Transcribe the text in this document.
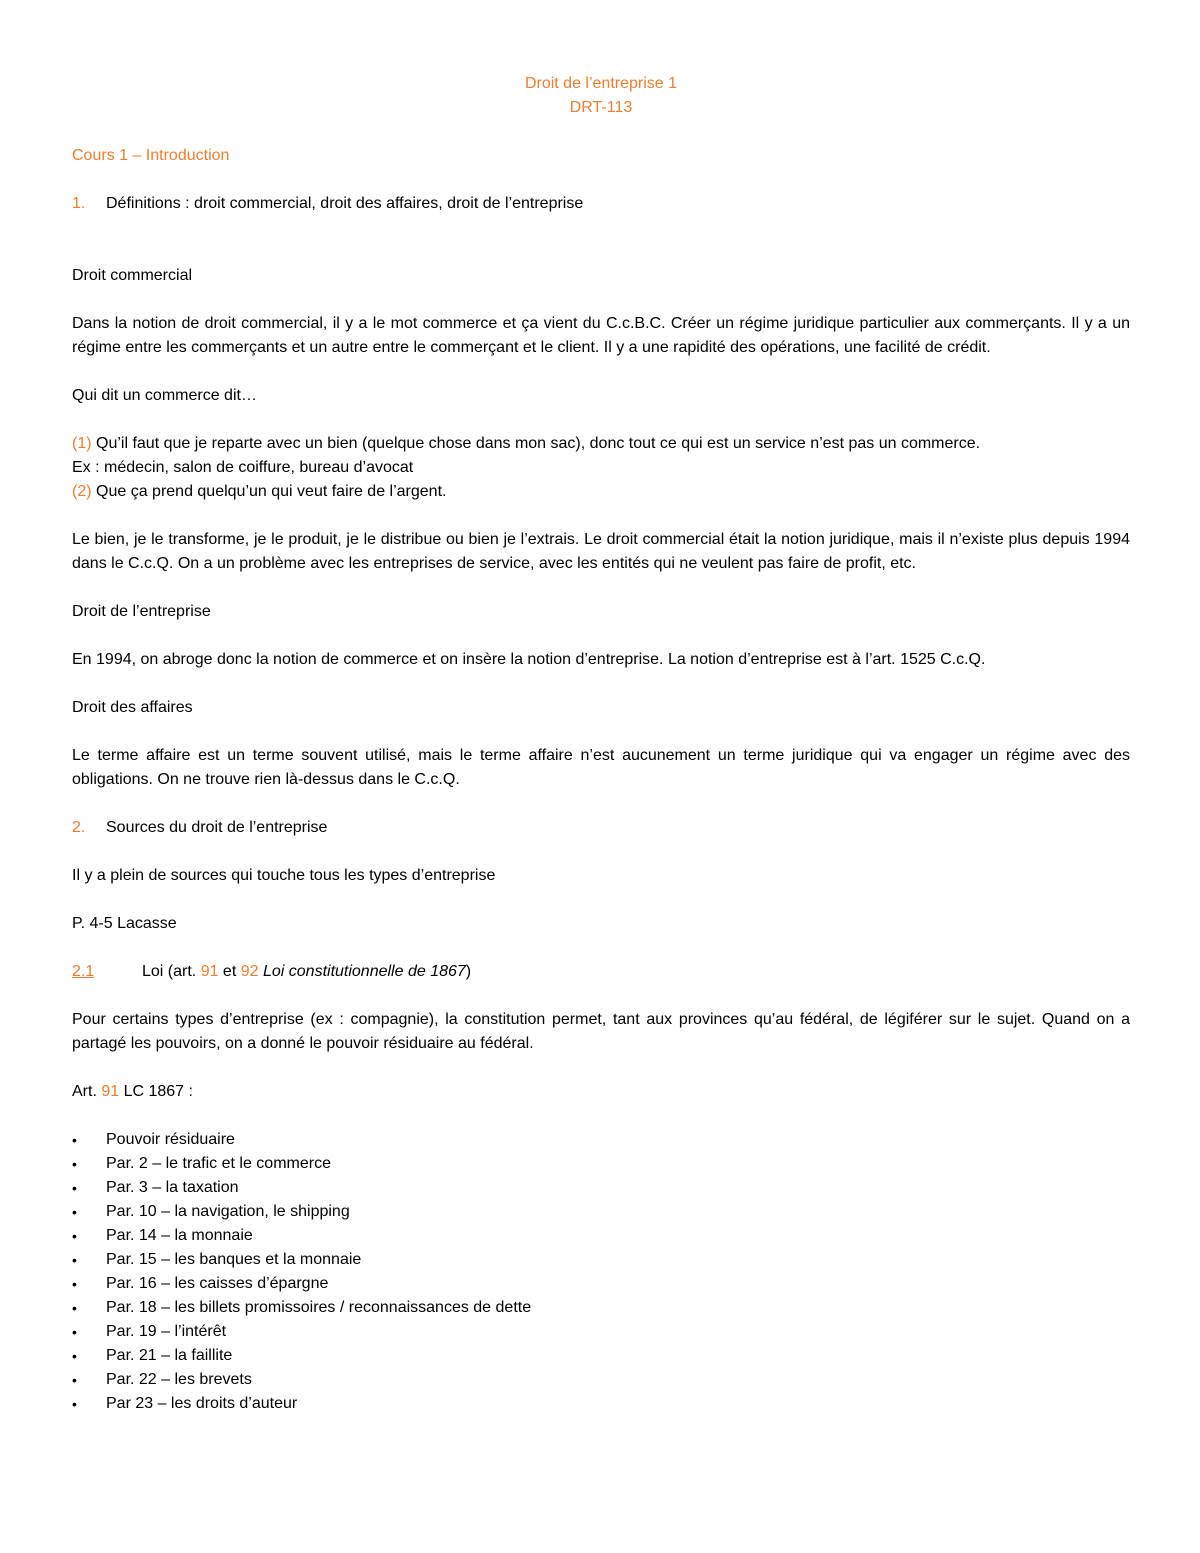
Droit de l’entreprise 1
DRT-113

Cours 1 – Introduction

1.	Définitions : droit commercial, droit des affaires, droit de l’entreprise

Droit commercial

Dans la notion de droit commercial, il y a le mot commerce et ça vient du C.c.B.C. Créer un régime juridique particulier aux commerçants. Il y a un régime entre les commerçants et un autre entre le commerçant et le client. Il y a une rapidité des opérations, une facilité de crédit.

Qui dit un commerce dit…

(1) Qu’il faut que je reparte avec un bien (quelque chose dans mon sac), donc tout ce qui est un service n’est pas un commerce.

Ex : médecin, salon de coiffure, bureau d’avocat

(2) Que ça prend quelqu’un qui veut faire de l’argent.

Le bien, je le transforme, je le produit, je le distribue ou bien je l’extrais. Le droit commercial était la notion juridique, mais il n’existe plus depuis 1994 dans le C.c.Q. On a un problème avec les entreprises de service, avec les entités qui ne veulent pas faire de profit, etc.

Droit de l’entreprise

En 1994, on abroge donc la notion de commerce et on insère la notion d’entreprise. La notion d’entreprise est à l’art. 1525 C.c.Q.

Droit des affaires

Le terme affaire est un terme souvent utilisé, mais le terme affaire n’est aucunement un terme juridique qui va engager un régime avec des obligations. On ne trouve rien là-dessus dans le C.c.Q.

2.	Sources du droit de l’entreprise

Il y a plein de sources qui touche tous les types d’entreprise

P. 4-5 Lacasse

2.1	Loi (art. 91 et 92 Loi constitutionnelle de 1867)

Pour certains types d’entreprise (ex : compagnie), la constitution permet, tant aux provinces qu’au fédéral, de légiférer sur le sujet. Quand on a partagé les pouvoirs, on a donné le pouvoir résiduaire au fédéral.

Art. 91 LC 1867 :

•	Pouvoir résiduaire
•	Par. 2 – le trafic et le commerce
•	Par. 3 – la taxation
•	Par. 10 – la navigation, le shipping
•	Par. 14 – la monnaie
•	Par. 15 – les banques et la monnaie
•	Par. 16 – les caisses d’épargne
•	Par. 18 – les billets promissoires / reconnaissances de dette
•	Par. 19 – l’intérêt
•	Par. 21 – la faillite
•	Par. 22 – les brevets
•	Par 23 – les droits d’auteur
